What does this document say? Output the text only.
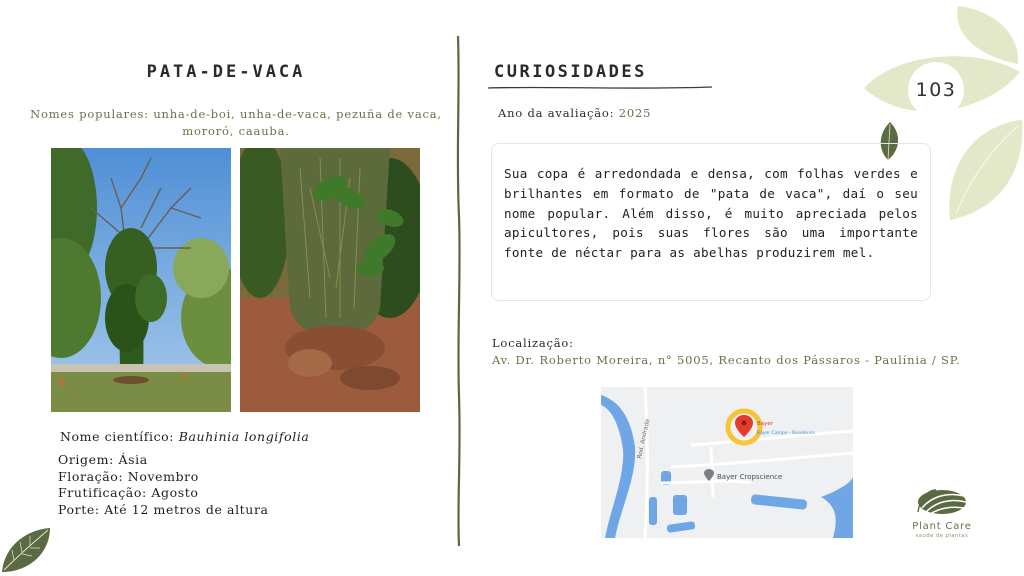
103
PATA-DE-VACA

Nomes populares: unha-de-boi, unha-de-vaca, pezuña de vaca, mororó, caauba.

Nome científico: Bauhinia longifolia

Origem: Ásia
Floração: Novembro
Frutificação: Agosto
Porte: Até 12 metros de altura
CURIOSIDADES

Ano da avaliação: 2025

Sua copa é arredondada e densa, com folhas verdes e brilhantes em formato de "pata de vaca", daí o seu nome popular. Além disso, é muito apreciada pelos apicultores, pois suas flores são uma importante fonte de néctar para as abelhas produzirem mel.

Localização:

Av. Dr. Roberto Moreira, n° 5005, Recanto dos Pássaros - Paulínia / SP.

Rod. Andrade	Bayer
Bayer Campo - Residence
Bayer Cropscience
Plant Care
saude de plantas
